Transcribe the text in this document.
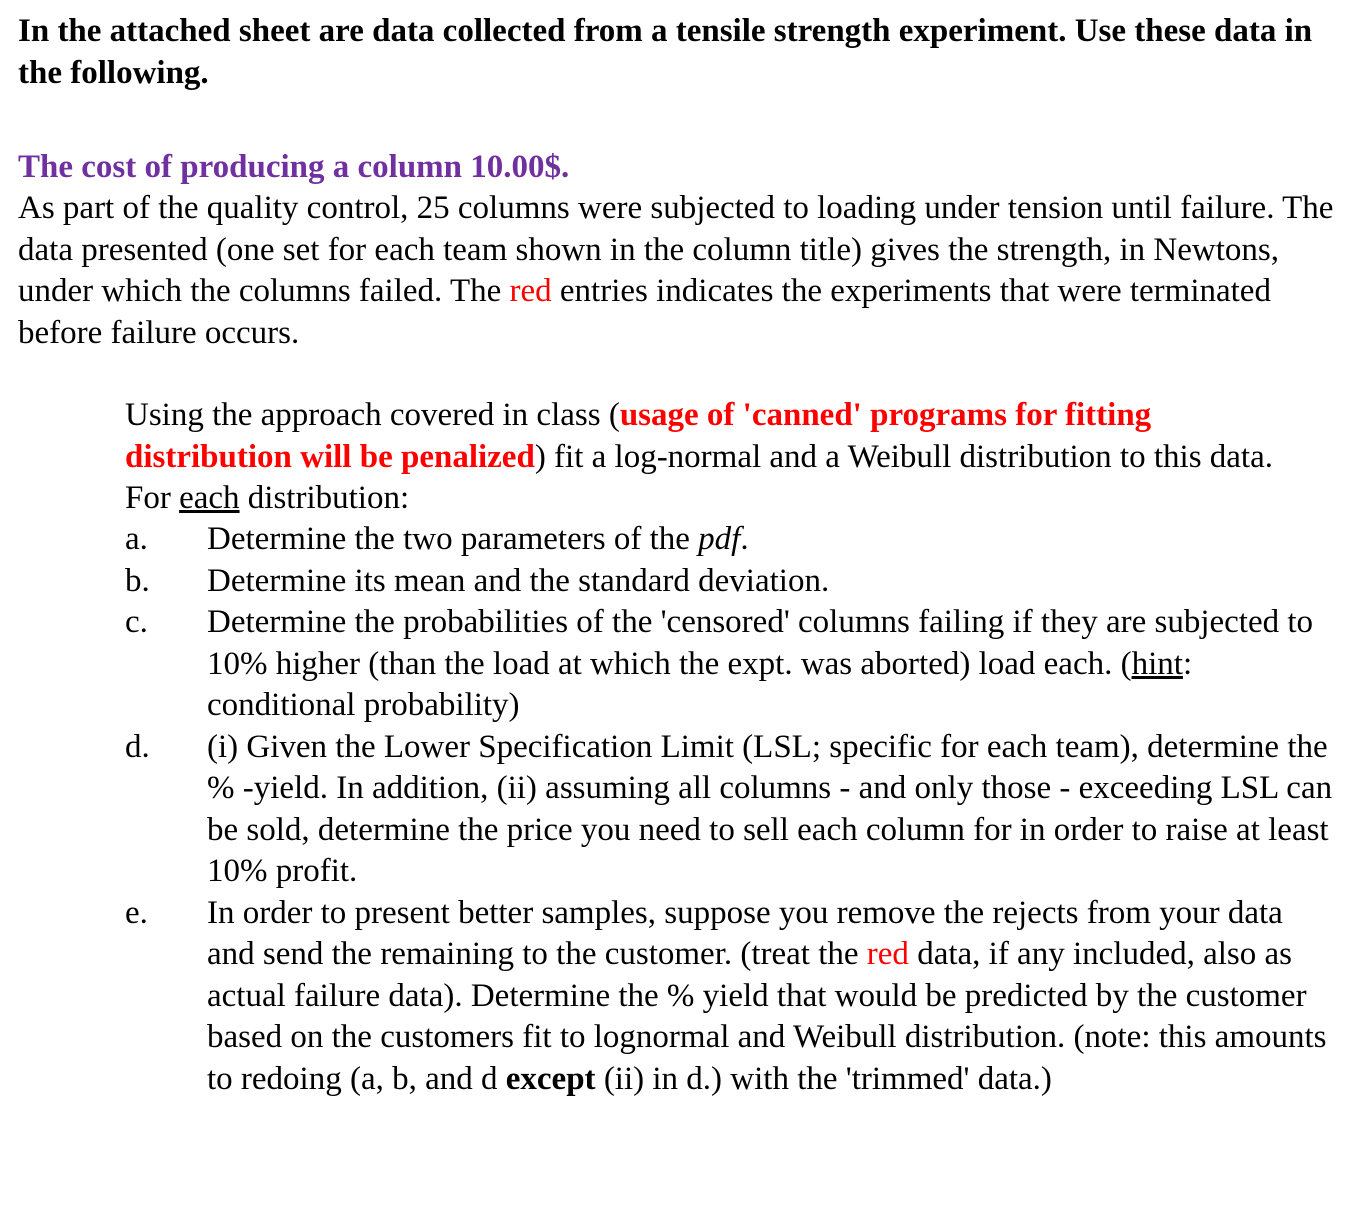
In the attached sheet are data collected from a tensile strength experiment. Use these data in the following.
The cost of producing a column 10.00$.
As part of the quality control, 25 columns were subjected to loading under tension until failure. The data presented (one set for each team shown in the column title) gives the strength, in Newtons, under which the columns failed. The red entries indicates the experiments that were terminated before failure occurs.
Using the approach covered in class (usage of 'canned' programs for fitting distribution will be penalized) fit a log-normal and a Weibull distribution to this data. For each distribution:
a.	Determine the two parameters of the pdf.
b.	Determine its mean and the standard deviation.
c.	Determine the probabilities of the 'censored' columns failing if they are subjected to 10% higher (than the load at which the expt. was aborted) load each. (hint: conditional probability)
d.	(i) Given the Lower Specification Limit (LSL; specific for each team), determine the % -yield. In addition, (ii) assuming all columns - and only those - exceeding LSL can be sold, determine the price you need to sell each column for in order to raise at least 10% profit.
e.	In order to present better samples, suppose you remove the rejects from your data and send the remaining to the customer. (treat the red data, if any included, also as actual failure data). Determine the % yield that would be predicted by the customer based on the customers fit to lognormal and Weibull distribution. (note: this amounts to redoing (a, b, and d except (ii) in d.) with the 'trimmed' data.)
